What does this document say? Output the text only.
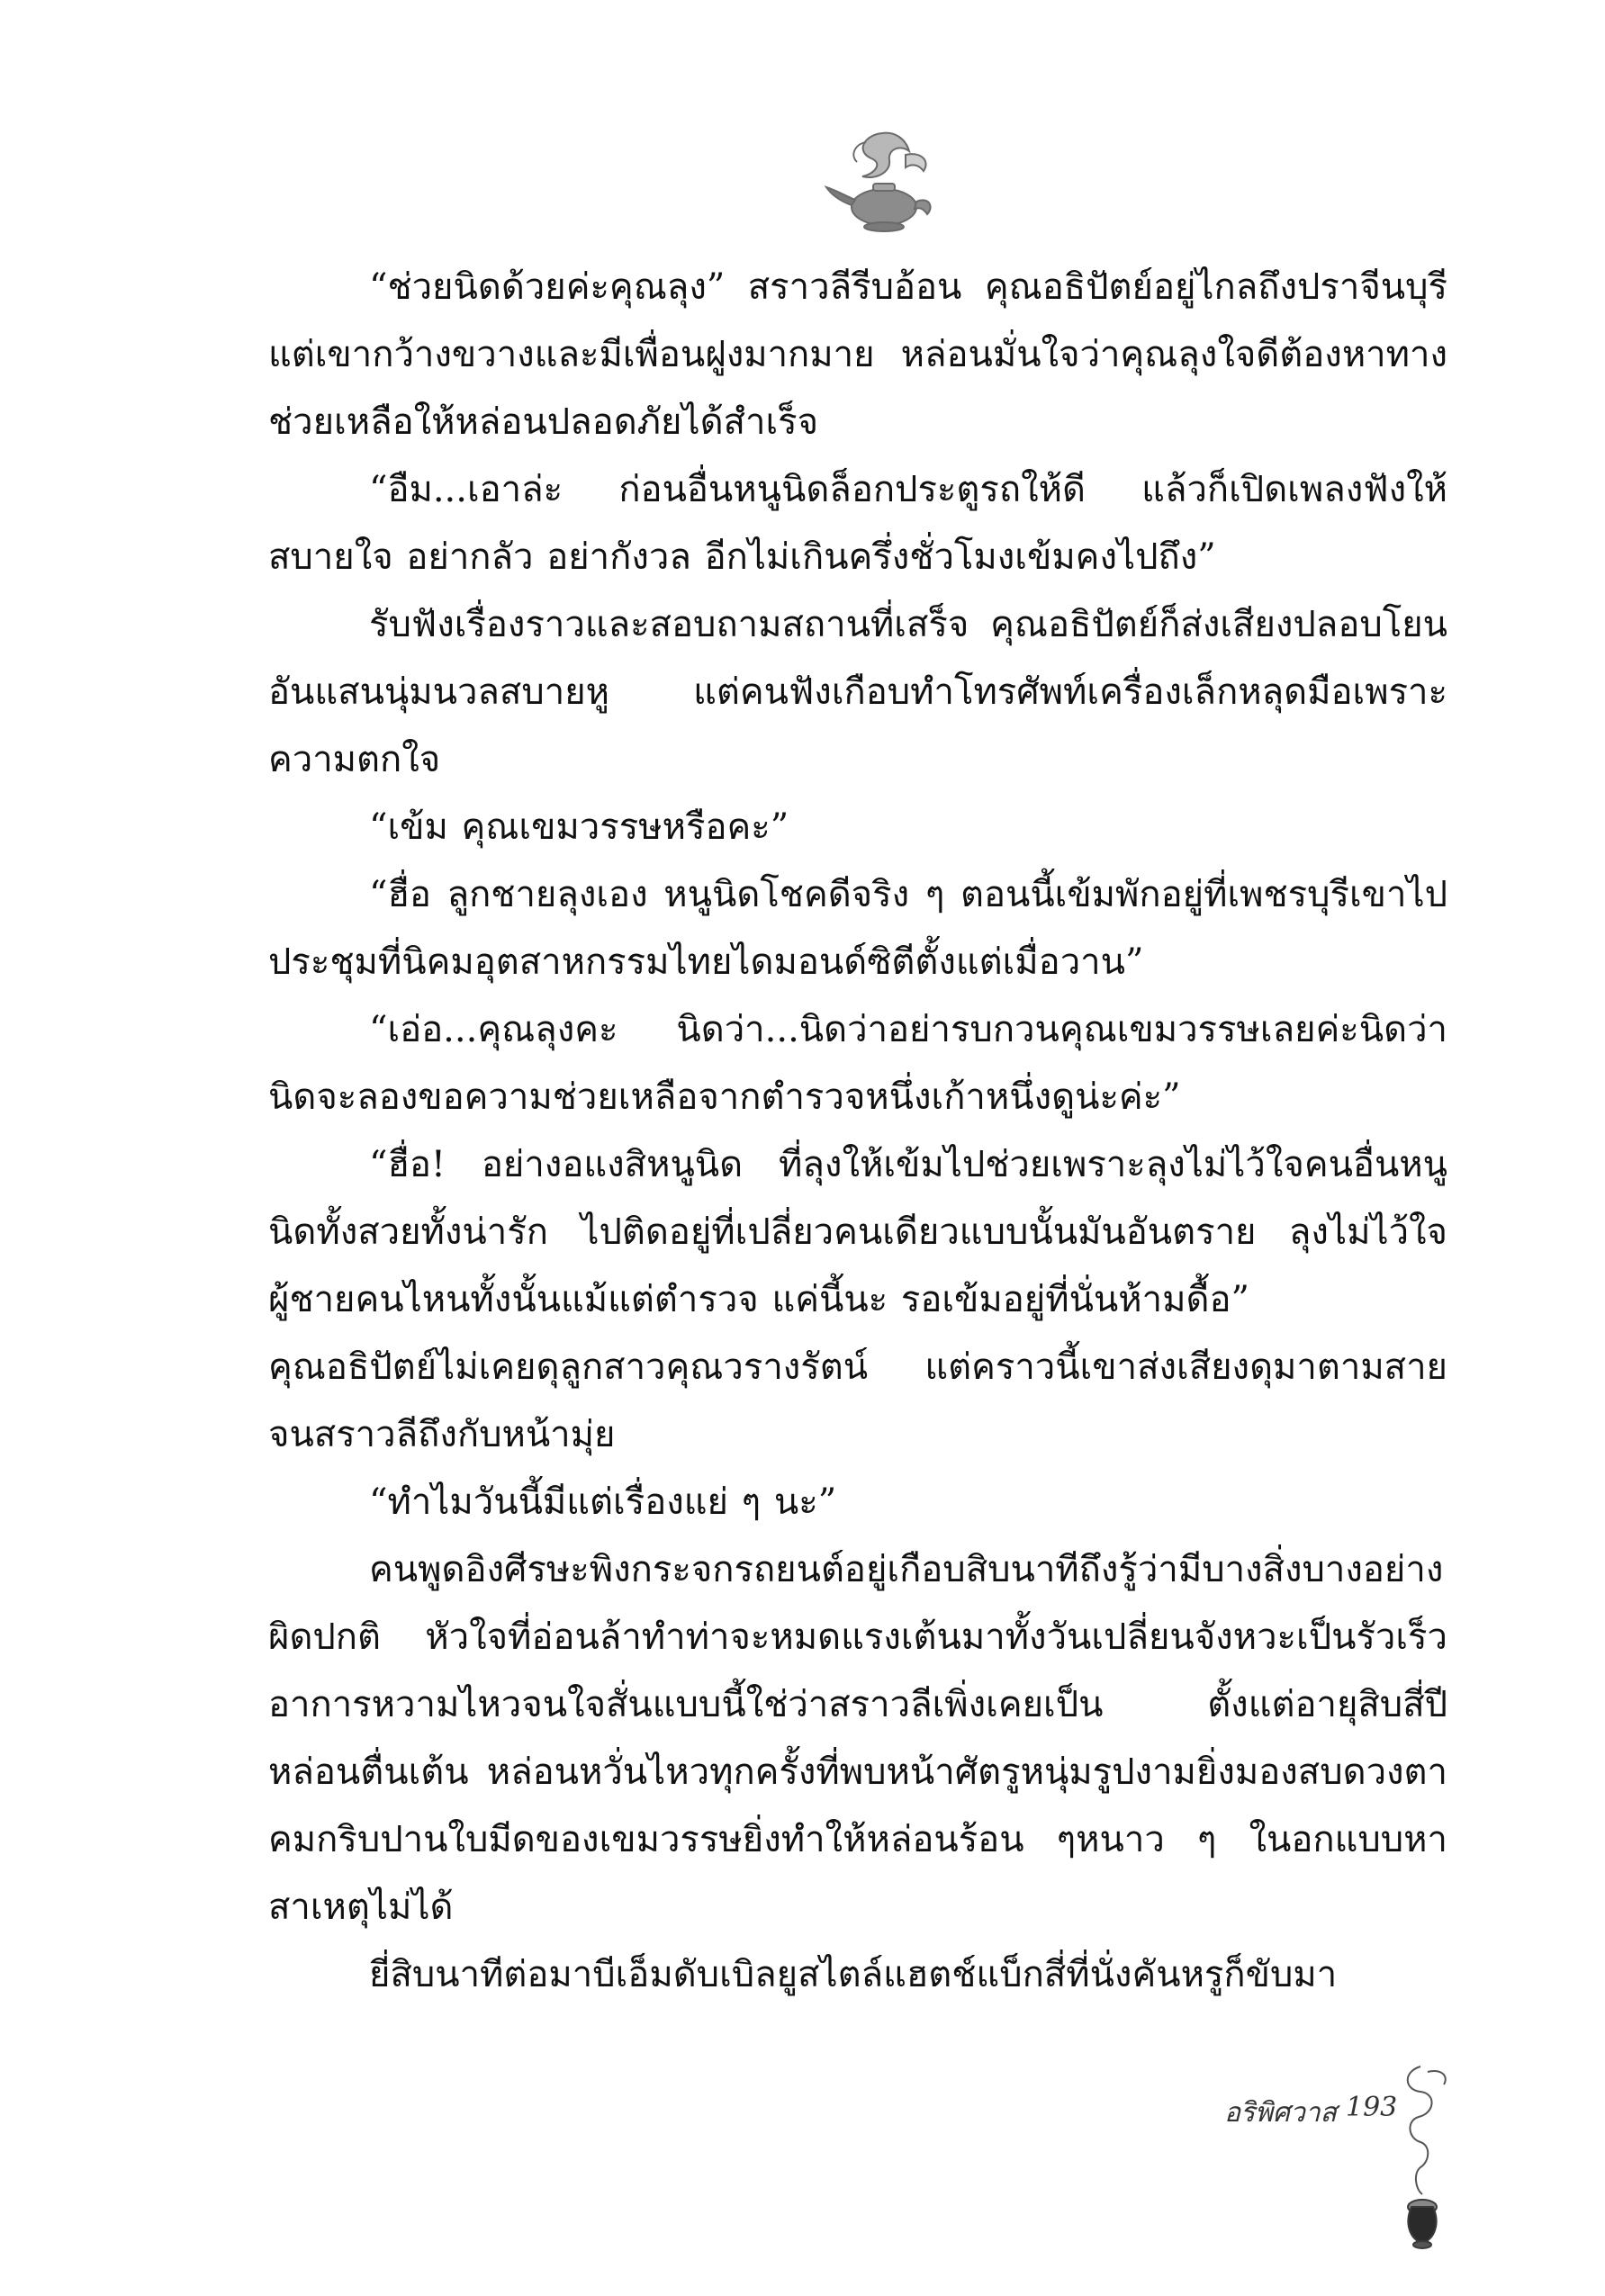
“ช่วยนิดด้วยค่ะคุณลุง” สราวลีรีบอ้อน คุณอธิปัตย์อยู่ไกลถึงปราจีนบุรี แต่เขากว้างขวางและมีเพื่อนฝูงมากมาย หล่อนมั่นใจว่าคุณลุงใจดีต้องหาทางช่วยเหลือให้หล่อนปลอดภัยได้สำเร็จ

“อืม...เอาล่ะ ก่อนอื่นหนูนิดล็อกประตูรถให้ดี แล้วก็เปิดเพลงฟังให้สบายใจ อย่ากลัว อย่ากังวล อีกไม่เกินครึ่งชั่วโมงเข้มคงไปถึง”

รับฟังเรื่องราวและสอบถามสถานที่เสร็จ คุณอธิปัตย์ก็ส่งเสียงปลอบโยนอันแสนนุ่มนวลสบายหู แต่คนฟังเกือบทำโทรศัพท์เครื่องเล็กหลุดมือเพราะความตกใจ

“เข้ม คุณเขมวรรษหรือคะ”

“ฮื่อ ลูกชายลุงเอง หนูนิดโชคดีจริง ๆ ตอนนี้เข้มพักอยู่ที่เพชรบุรีเขาไปประชุมที่นิคมอุตสาหกรรมไทยไดมอนด์ซิตีตั้งแต่เมื่อวาน”

“เอ่อ...คุณลุงคะ นิดว่า...นิดว่าอย่ารบกวนคุณเขมวรรษเลยค่ะนิดว่านิดจะลองขอความช่วยเหลือจากตำรวจหนึ่งเก้าหนึ่งดูน่ะค่ะ”

“ฮื่อ! อย่างอแงสิหนูนิด ที่ลุงให้เข้มไปช่วยเพราะลุงไม่ไว้ใจคนอื่นหนูนิดทั้งสวยทั้งน่ารัก ไปติดอยู่ที่เปลี่ยวคนเดียวแบบนั้นมันอันตราย ลุงไม่ไว้ใจผู้ชายคนไหนทั้งนั้นแม้แต่ตำรวจ แค่นี้นะ รอเข้มอยู่ที่นั่นห้ามดื้อ”

คุณอธิปัตย์ไม่เคยดุลูกสาวคุณวรางรัตน์ แต่คราวนี้เขาส่งเสียงดุมาตามสายจนสราวลีถึงกับหน้ามุ่ย

“ทำไมวันนี้มีแต่เรื่องแย่ ๆ นะ”

คนพูดอิงศีรษะพิงกระจกรถยนต์อยู่เกือบสิบนาทีถึงรู้ว่ามีบางสิ่งบางอย่างผิดปกติ หัวใจที่อ่อนล้าทำท่าจะหมดแรงเต้นมาทั้งวันเปลี่ยนจังหวะเป็นรัวเร็ว อาการหวามไหวจนใจสั่นแบบนี้ใช่ว่าสราวลีเพิ่งเคยเป็น ตั้งแต่อายุสิบสี่ปี หล่อนตื่นเต้น หล่อนหวั่นไหวทุกครั้งที่พบหน้าศัตรูหนุ่มรูปงามยิ่งมองสบดวงตาคมกริบปานใบมีดของเขมวรรษยิ่งทำให้หล่อนร้อน ๆหนาว ๆ ในอกแบบหาสาเหตุไม่ได้

ยี่สิบนาทีต่อมาบีเอ็มดับเบิลยูสไตล์แฮตช์แบ็กสี่ที่นั่งคันหรูก็ขับมา

อริพิศวาส 193
